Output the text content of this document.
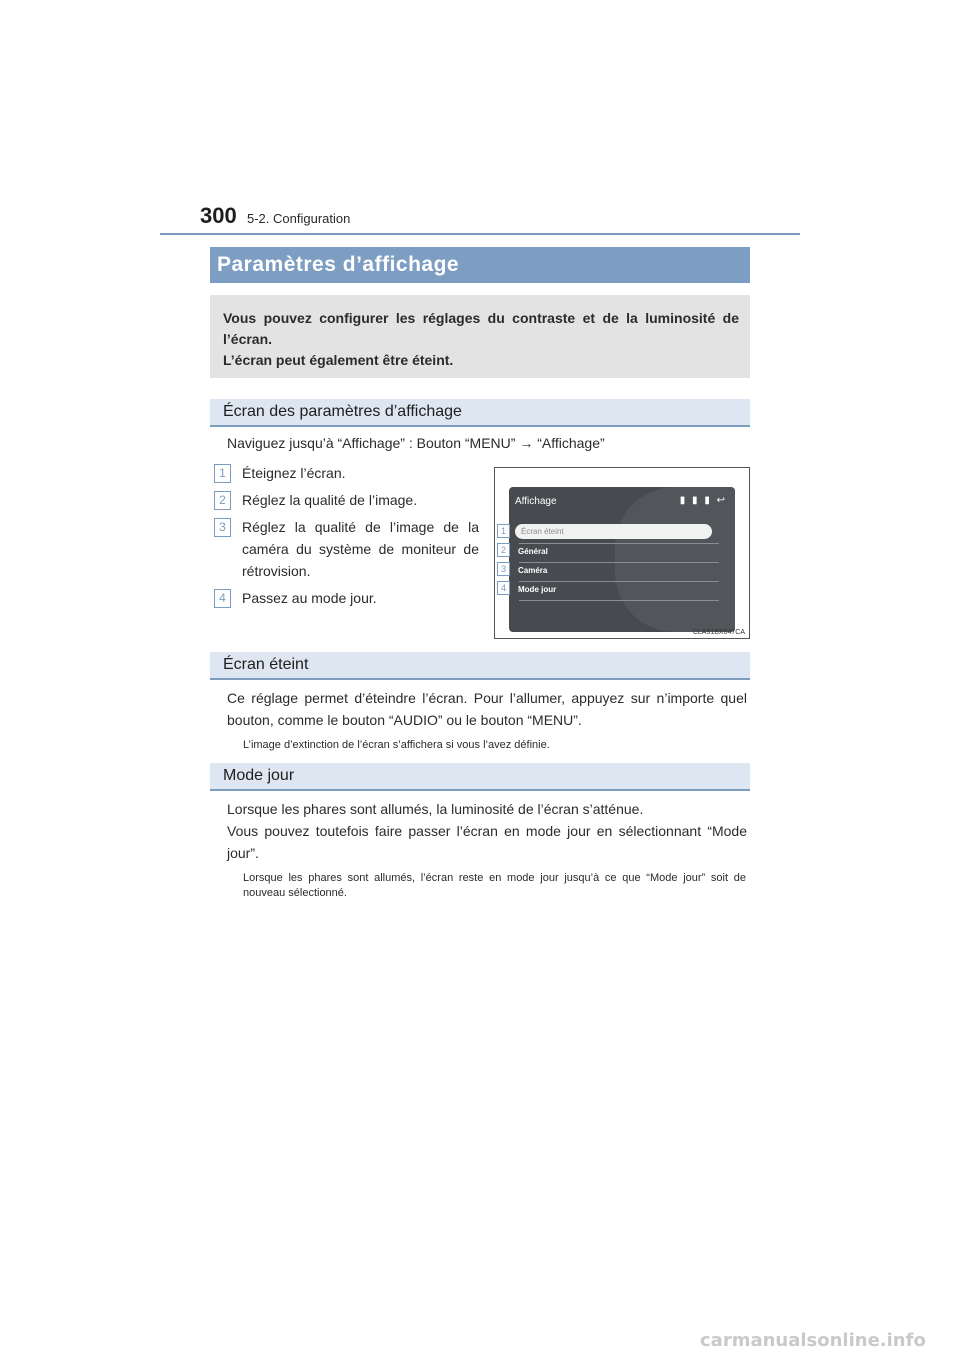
300 5-2. Configuration
Paramètres d’affichage

Vous pouvez configurer les réglages du contraste et de la luminosité de

l’écran.

L’écran peut également être éteint.

Écran des paramètres d’affichage
Naviguez jusqu’à “Affichage” : Bouton “MENU” → “Affichage”
1	Éteignez l’écran.
2	Réglez la qualité de l’image.
3	Réglez la qualité de l’image de la caméra du système de moniteur de rétrovision.
4	Passez au mode jour.
Affichage	▮ ▮ ▮ ↩
Écran éteint
Général
Caméra
Mode jour
1
2
3
4
CLA51BX047CA
Écran éteint
Ce réglage permet d’éteindre l’écran. Pour l’allumer, appuyez sur n’importe quel bouton, comme le bouton “AUDIO” ou le bouton “MENU”.
L’image d’extinction de l’écran s’affichera si vous l’avez définie.
Mode jour
Lorsque les phares sont allumés, la luminosité de l’écran s’atténue.
Vous pouvez toutefois faire passer l’écran en mode jour en sélectionnant “Mode jour”.
Lorsque les phares sont allumés, l’écran reste en mode jour jusqu’à ce que “Mode jour” soit de nouveau sélectionné.
carmanualsonline.info
